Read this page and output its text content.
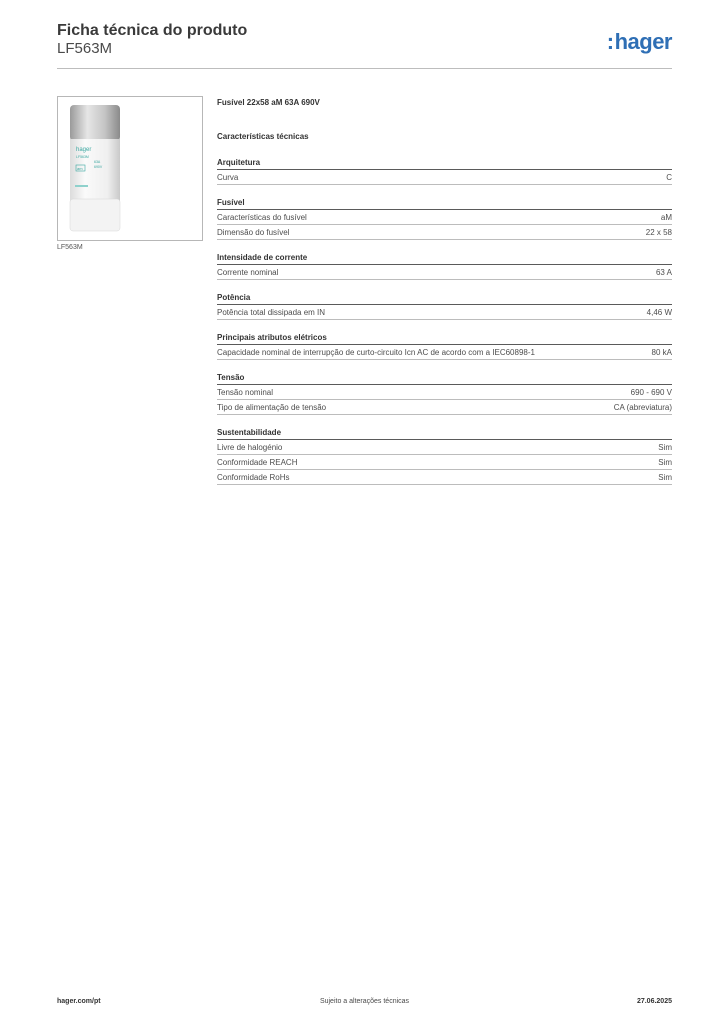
Ficha técnica do produto
LF563M	:hager
hager
LF563M
am
63A
690V
LF563M
Fusível 22x58 aM 63A 690V
Características técnicas
Arquitetura
Curva	C
Fusível
Características do fusível	aM
Dimensão do fusível	22 x 58
Intensidade de corrente
Corrente nominal	63 A
Potência
Potência total dissipada em IN	4,46 W
Principais atributos elétricos
Capacidade nominal de interrupção de curto-circuito Icn AC de acordo com a IEC60898-1	80 kA
Tensão
Tensão nominal	690 - 690 V
Tipo de alimentação de tensão	CA (abreviatura)
Sustentabilidade
Livre de halogénio	Sim
Conformidade REACH	Sim
Conformidade RoHs	Sim
hager.com/pt	Sujeito a alterações técnicas	27.06.2025
